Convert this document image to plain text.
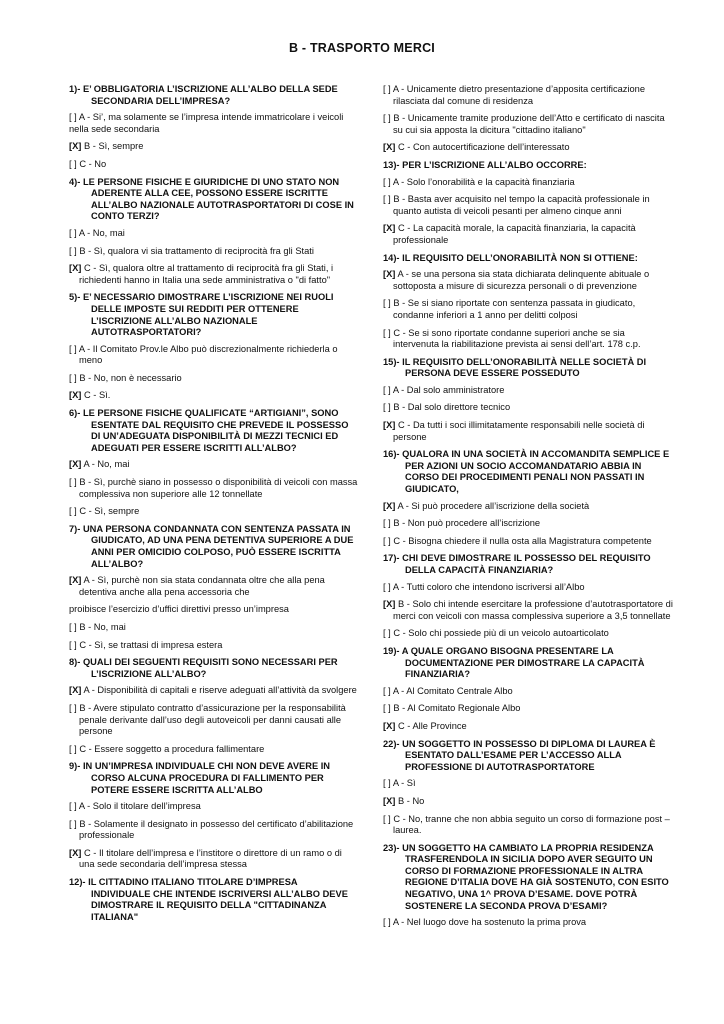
B - TRASPORTO MERCI

1)- E’ OBBLIGATORIA L’ISCRIZIONE ALL’ALBO DELLA SEDE SECONDARIA DELL’IMPRESA?

[ ] A - Si’, ma solamente se l’impresa intende immatricolare i veicoli nella sede secondaria

[X] B - Sì, sempre

[ ] C - No

4)- LE PERSONE FISICHE E GIURIDICHE DI UNO STATO NON ADERENTE ALLA CEE, POSSONO ESSERE ISCRITTE ALL’ALBO NAZIONALE AUTOTRASPORTATORI DI COSE IN CONTO TERZI?

[ ] A - No, mai

[ ] B - Sì, qualora vi sia trattamento di reciprocità fra gli Stati

[X] C - Sì, qualora oltre al trattamento di reciprocità fra gli Stati, i richiedenti hanno in Italia una sede amministrativa o "di fatto"

5)- E’ NECESSARIO DIMOSTRARE L’ISCRIZIONE NEI RUOLI DELLE IMPOSTE SUI REDDITI PER OTTENERE L’ISCRIZIONE ALL’ALBO NAZIONALE AUTOTRASPORTATORI?

[ ] A - Il Comitato Prov.le Albo può discrezionalmente richiederla o meno

[ ] B - No, non è necessario

[X] C - Sì.

6)- LE PERSONE FISICHE QUALIFICATE “ARTIGIANI”, SONO ESENTATE DAL REQUISITO CHE PREVEDE IL POSSESSO DI UN’ADEGUATA DISPONIBILITÀ DI MEZZI TECNICI ED ADEGUATI PER ESSERE ISCRITTI ALL’ALBO?

[X] A - No, mai

[ ] B - Sì, purchè siano in possesso o disponibilità di veicoli con massa complessiva non superiore alle 12 tonnellate

[ ] C - Sì, sempre

7)- UNA PERSONA CONDANNATA CON SENTENZA PASSATA IN GIUDICATO, AD UNA PENA DETENTIVA SUPERIORE A DUE ANNI PER OMICIDIO COLPOSO, PUÒ ESSERE ISCRITTA ALL’ALBO?

[X] A - Sì, purchè non sia stata condannata oltre che alla pena detentiva anche alla pena accessoria che

proibisce l’esercizio d’uffici direttivi presso un’impresa

[ ] B - No, mai

[ ] C - Sì, se trattasi di impresa estera

8)- QUALI DEI SEGUENTI REQUISITI SONO NECESSARI PER L’ISCRIZIONE ALL’ALBO?

[X] A - Disponibilità di capitali e riserve adeguati all’attività da svolgere

[ ] B - Avere stipulato contratto d’assicurazione per la responsabilità penale derivante dall’uso degli autoveicoli per danni causati alle persone

[ ] C - Essere soggetto a procedura fallimentare

9)- IN UN’IMPRESA INDIVIDUALE CHI NON DEVE AVERE IN CORSO ALCUNA PROCEDURA DI FALLIMENTO PER POTERE ESSERE ISCRITTA ALL’ALBO

[ ] A - Solo il titolare dell’impresa

[ ] B - Solamente il designato in possesso del certificato d’abilitazione professionale

[X] C - Il titolare dell’impresa e l’institore o direttore di un ramo o di una sede secondaria dell’impresa stessa

12)- IL CITTADINO ITALIANO TITOLARE D’IMPRESA INDIVIDUALE CHE INTENDE ISCRIVERSI ALL’ALBO DEVE DIMOSTRARE IL REQUISITO DELLA "CITTADINANZA ITALIANA"

[ ] A - Unicamente dietro presentazione d’apposita certificazione rilasciata dal comune di residenza

[ ] B - Unicamente tramite produzione dell’Atto e certificato di nascita su cui sia apposta la dicitura "cittadino italiano"

[X] C - Con autocertificazione dell’interessato

13)- PER L’ISCRIZIONE ALL’ALBO OCCORRE:

[ ] A - Solo l’onorabilità e la capacità finanziaria

[ ] B - Basta aver acquisito nel tempo la capacità professionale in quanto autista di veicoli pesanti per almeno cinque anni

[X] C - La capacità morale, la capacità finanziaria, la capacità professionale

14)- IL REQUISITO DELL’ONORABILITÀ NON SI OTTIENE:

[X] A - se una persona sia stata dichiarata delinquente abituale o sottoposta a misure di sicurezza personali o di prevenzione

[ ] B - Se si siano riportate con sentenza passata in giudicato, condanne inferiori a 1 anno per delitti colposi

[ ] C - Se si sono riportate condanne superiori anche se sia intervenuta la riabilitazione prevista ai sensi dell’art. 178 c.p.

15)- IL REQUISITO DELL’ONORABILITÀ NELLE SOCIETÀ DI PERSONA DEVE ESSERE POSSEDUTO

[ ] A - Dal solo amministratore

[ ] B - Dal solo direttore tecnico

[X] C - Da tutti i soci illimitatamente responsabili nelle società di persone

16)- QUALORA IN UNA SOCIETÀ IN ACCOMANDITA SEMPLICE E PER AZIONI UN SOCIO ACCOMANDATARIO ABBIA IN CORSO DEI PROCEDIMENTI PENALI NON PASSATI IN GIUDICATO,

[X] A - Si può procedere all’iscrizione della società

[ ] B - Non può procedere all’iscrizione

[ ] C - Bisogna chiedere il nulla osta alla Magistratura competente

17)- CHI DEVE DIMOSTRARE IL POSSESSO DEL REQUISITO DELLA CAPACITÀ FINANZIARIA?

[ ] A - Tutti coloro che intendono iscriversi all’Albo

[X] B - Solo chi intende esercitare la professione d’autotrasportatore di merci con veicoli con massa complessiva superiore a 3,5 tonnellate

[ ] C - Solo chi possiede più di un veicolo autoarticolato

19)- A QUALE ORGANO BISOGNA PRESENTARE LA DOCUMENTAZIONE PER DIMOSTRARE LA CAPACITÀ FINANZIARIA?

[ ] A - Al Comitato Centrale Albo

[ ] B - Al Comitato Regionale Albo

[X] C - Alle Province

22)- UN SOGGETTO IN POSSESSO DI DIPLOMA DI LAUREA È ESENTATO DALL’ESAME PER L’ACCESSO ALLA PROFESSIONE DI AUTOTRASPORTATORE

[ ] A - Sì

[X] B - No

[ ] C - No, tranne che non abbia seguito un corso di formazione post – laurea.

23)- UN SOGGETTO HA CAMBIATO LA PROPRIA RESIDENZA TRASFERENDOLA IN SICILIA DOPO AVER SEGUITO UN CORSO DI FORMAZIONE PROFESSIONALE IN ALTRA REGIONE D’ITALIA DOVE HA GIÀ SOSTENUTO, CON ESITO NEGATIVO, UNA 1^ PROVA D’ESAME. DOVE POTRÀ SOSTENERE LA SECONDA PROVA D’ESAMI?

[ ] A - Nel luogo dove ha sostenuto la prima prova
